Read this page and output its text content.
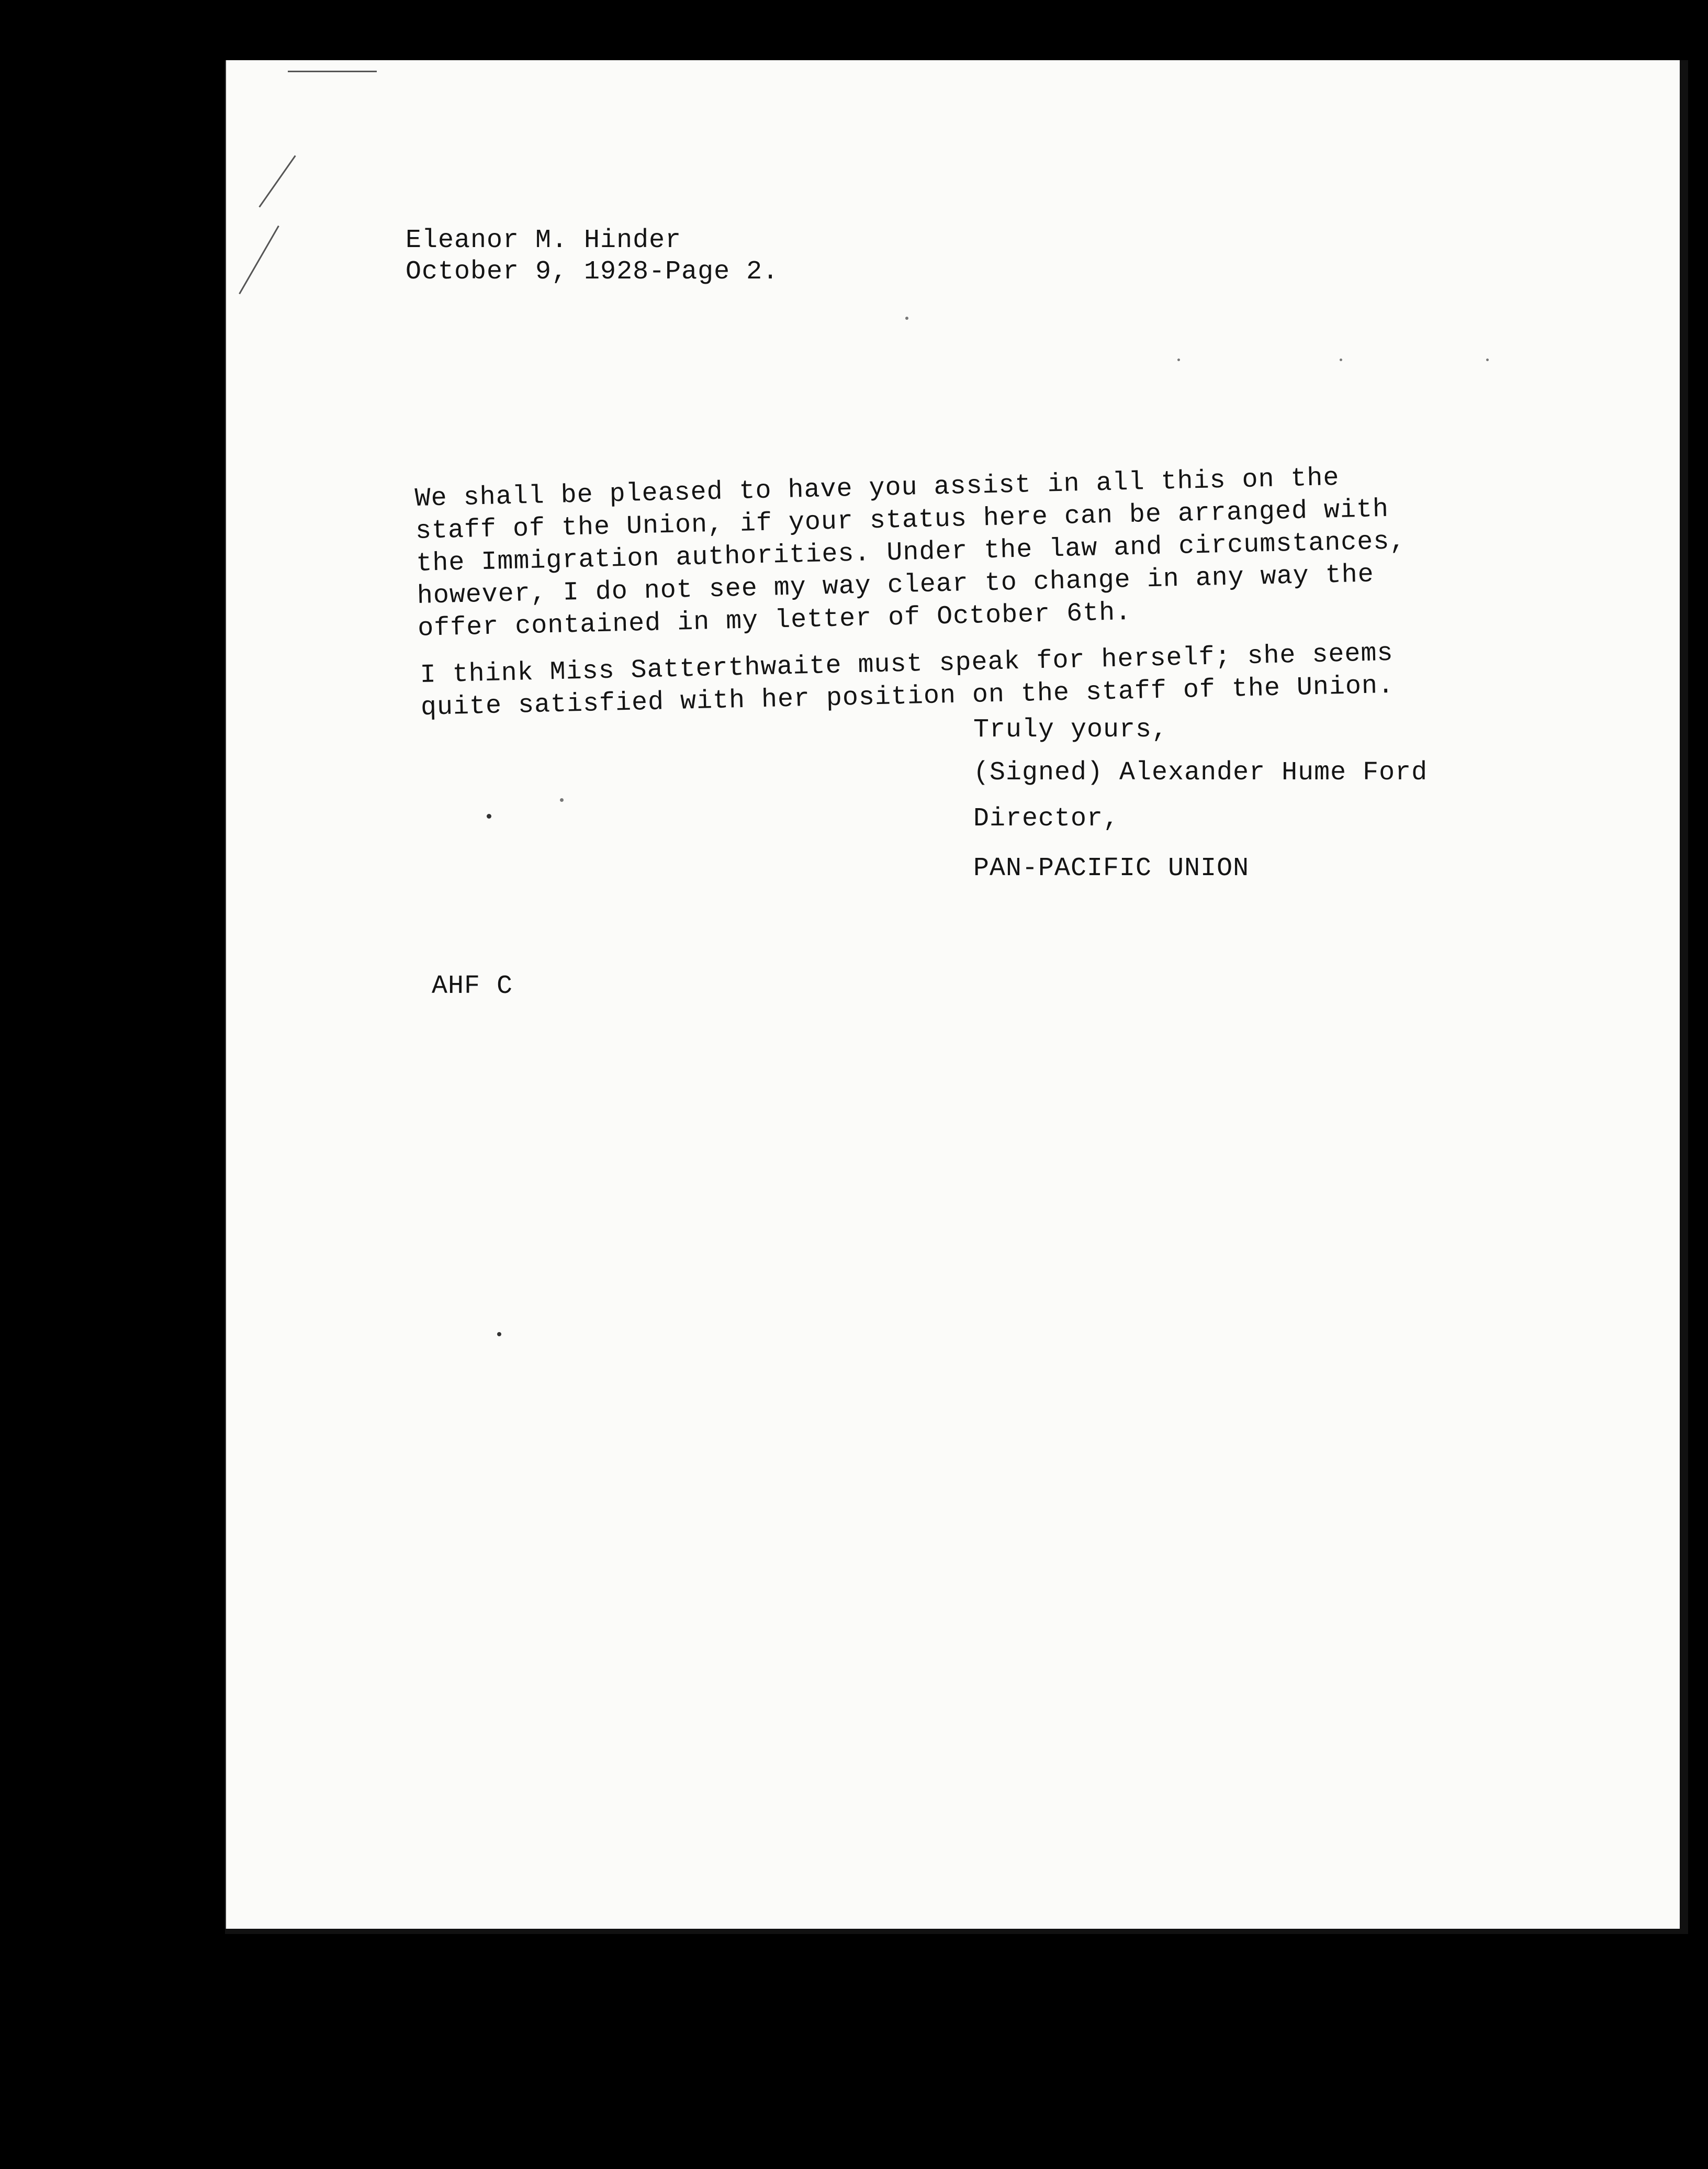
Eleanor M. Hinder
October 9, 1928-Page 2.
We shall be pleased to have you assist in all this on the
staff of the Union, if your status here can be arranged with
the Immigration authorities. Under the law and circumstances,
however, I do not see my way clear to change in any way the
offer contained in my letter of October 6th.
I think Miss Satterthwaite must speak for herself; she seems
quite satisfied with her position on the staff of the Union.
Truly yours,
(Signed) Alexander Hume Ford
Director,
PAN-PACIFIC UNION
AHF C
